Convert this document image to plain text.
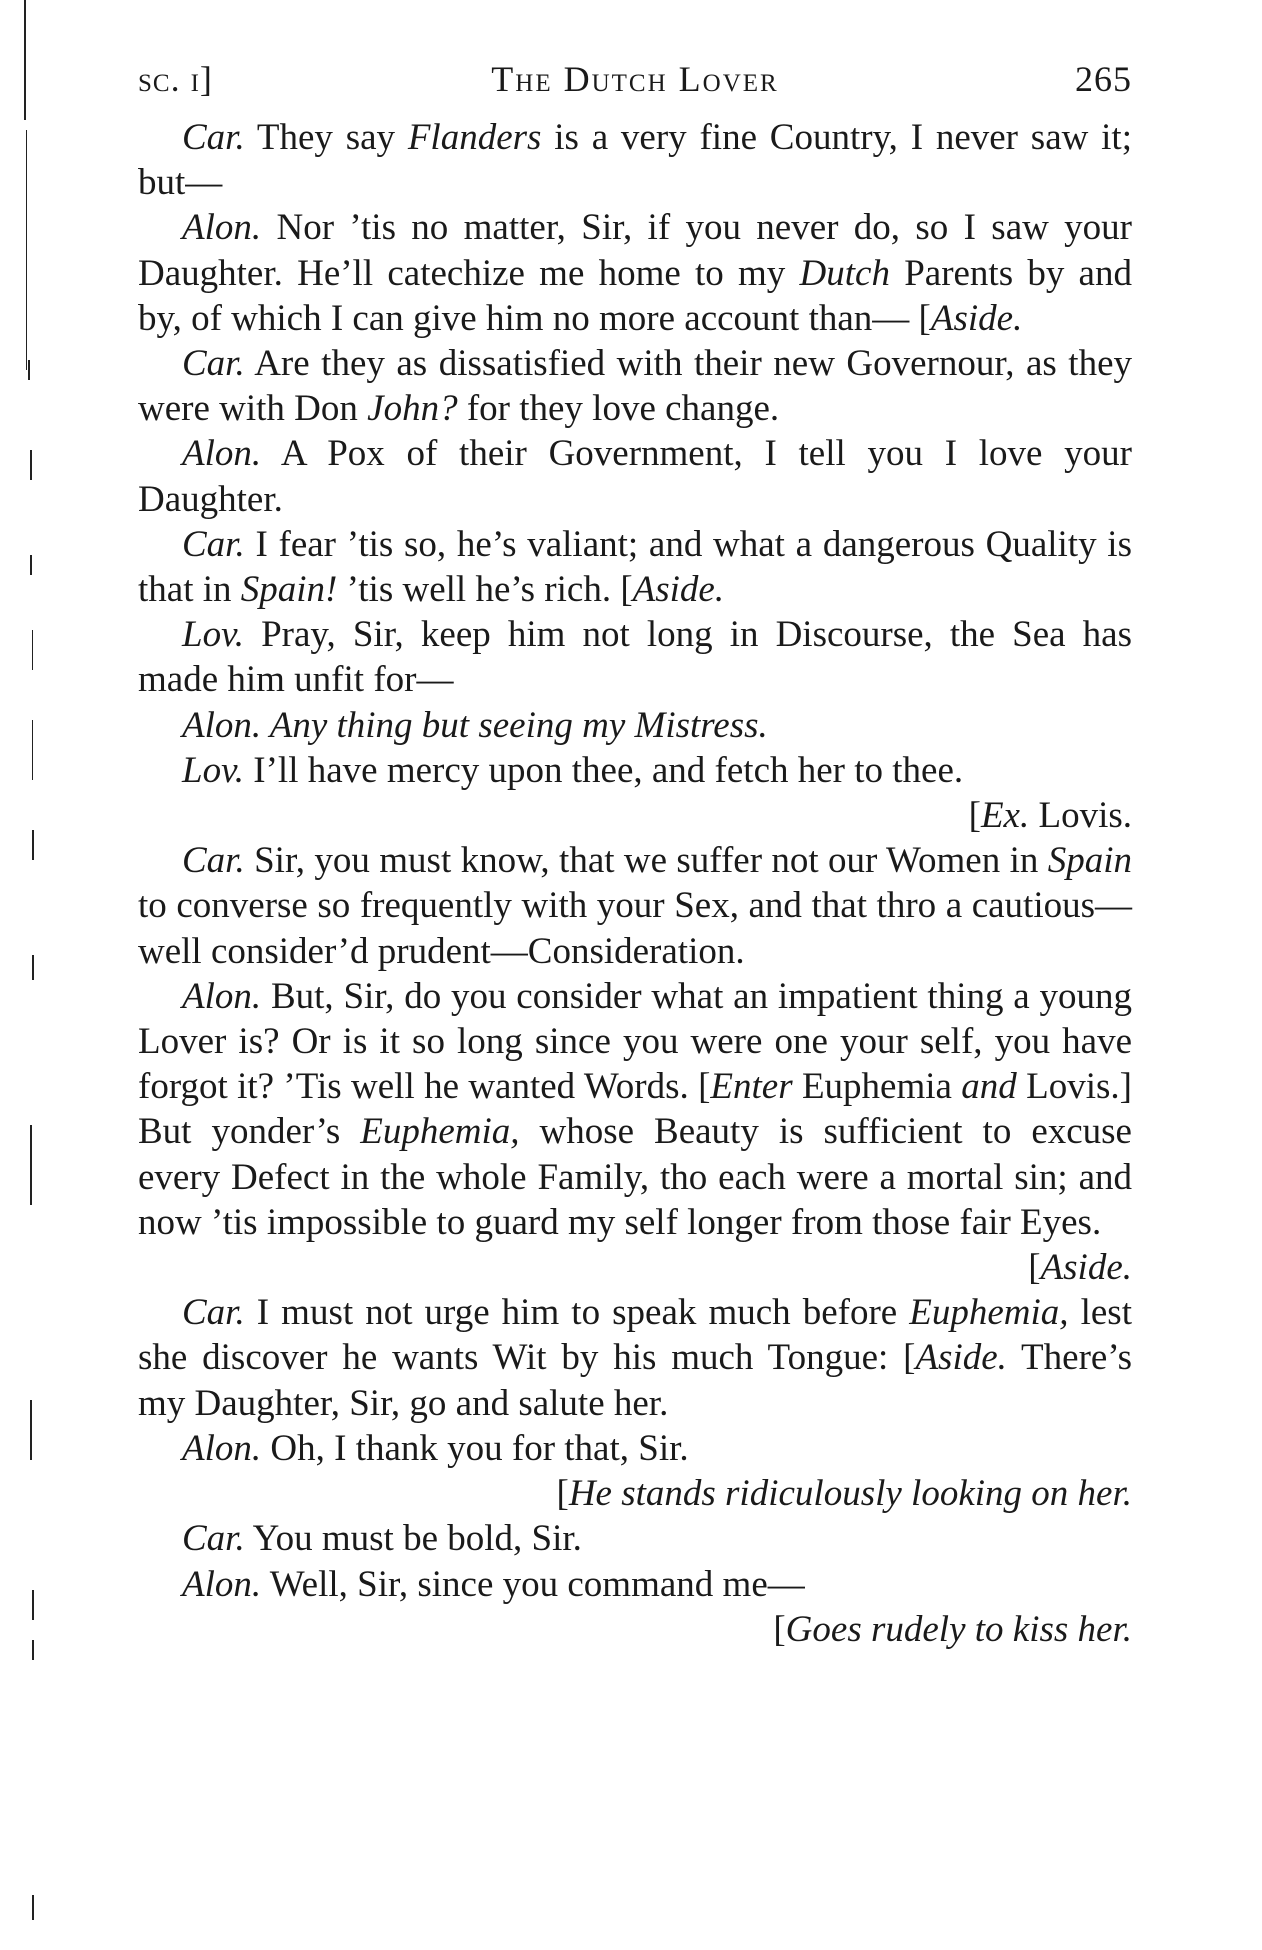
sc. i]	The Dutch Lover	265

Car. They say Flanders is a very fine Country, I never saw it; but—

Alon. Nor ’tis no matter, Sir, if you never do, so I saw your Daughter. He’ll catechize me home to my Dutch Parents by and by, of which I can give him no more account than— [Aside.

Car. Are they as dissatisfied with their new Governour, as they were with Don John? for they love change.

Alon. A Pox of their Government, I tell you I love your Daughter.

Car. I fear ’tis so, he’s valiant; and what a dangerous Quality is that in Spain! ’tis well he’s rich. [Aside.

Lov. Pray, Sir, keep him not long in Discourse, the Sea has made him unfit for—

Alon. Any thing but seeing my Mistress.

Lov. I’ll have mercy upon thee, and fetch her to thee.

[Ex. Lovis.

Car. Sir, you must know, that we suffer not our Women in Spain to converse so frequently with your Sex, and that thro a cautious—well consider’d prudent—Consideration.

Alon. But, Sir, do you consider what an impatient thing a young Lover is? Or is it so long since you were one your self, you have forgot it? ’Tis well he wanted Words. [Enter Euphemia and Lovis.] But yonder’s Euphemia, whose Beauty is sufficient to excuse every Defect in the whole Family, tho each were a mortal sin; and now ’tis impossible to guard my self longer from those fair Eyes.

[Aside.

Car. I must not urge him to speak much before Euphemia, lest she discover he wants Wit by his much Tongue: [Aside. There’s my Daughter, Sir, go and salute her.

Alon. Oh, I thank you for that, Sir.

[He stands ridiculously looking on her.

Car. You must be bold, Sir.

Alon. Well, Sir, since you command me—

[Goes rudely to kiss her.
